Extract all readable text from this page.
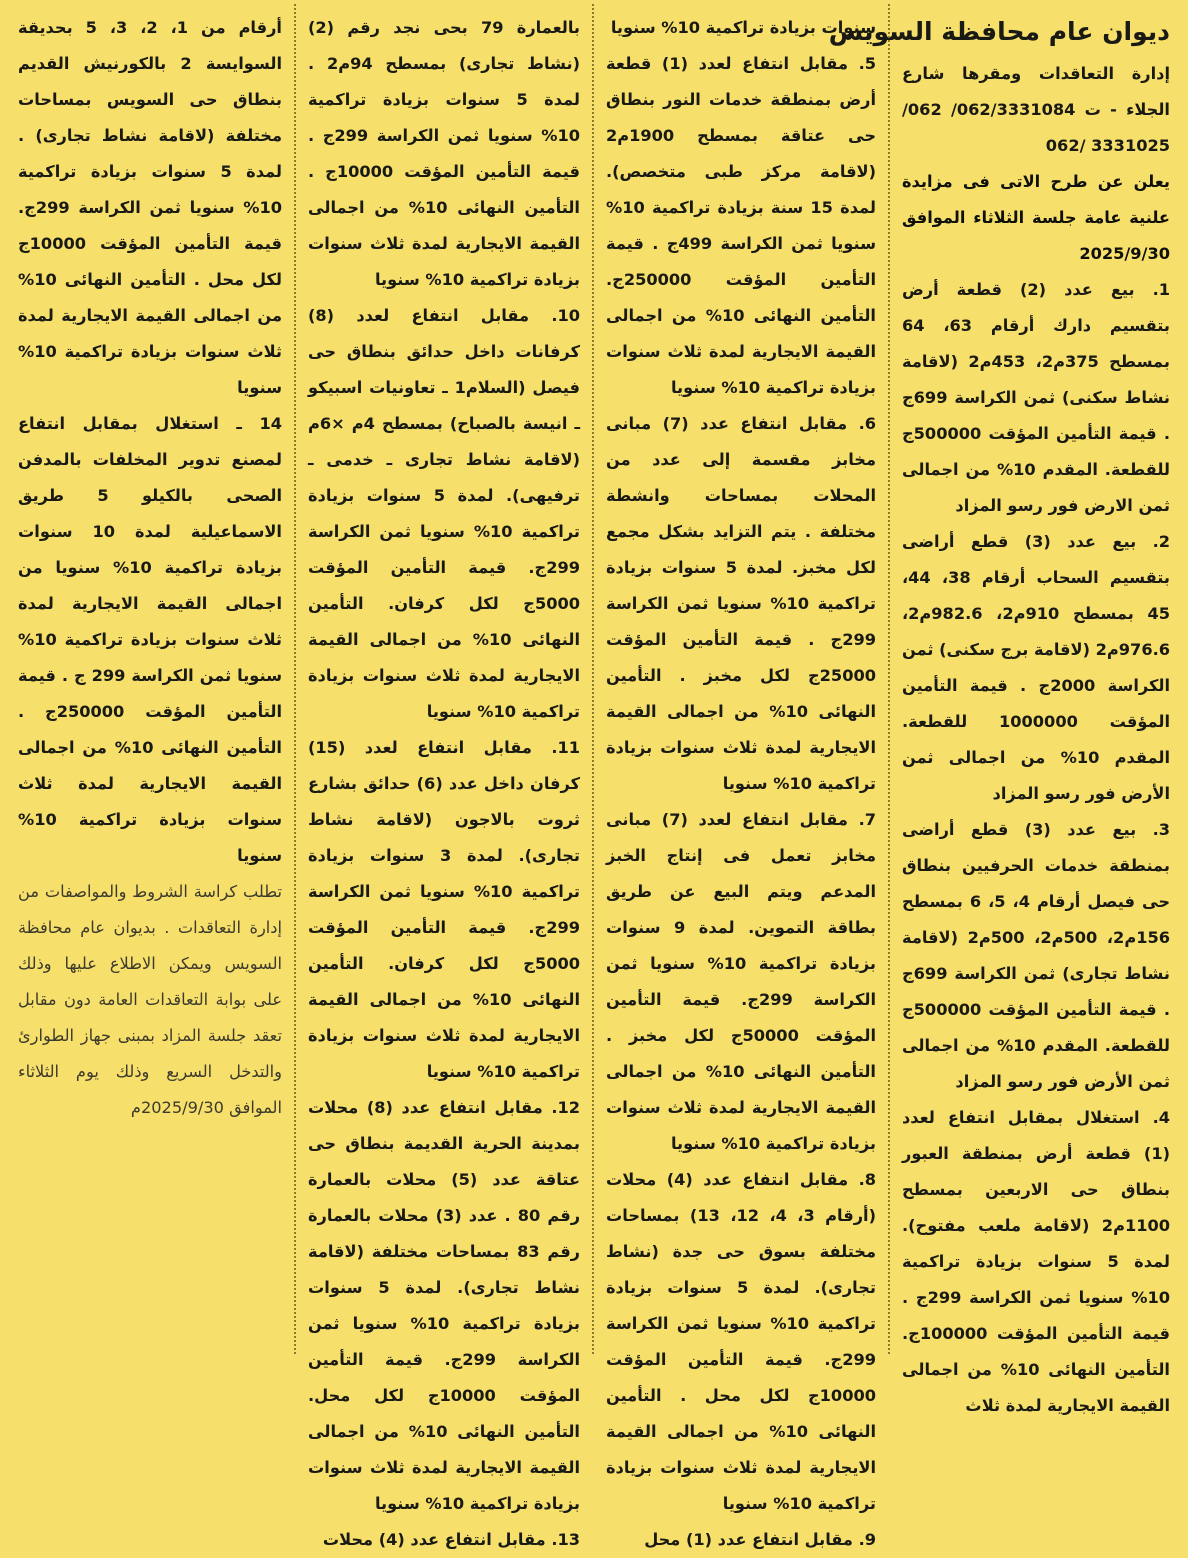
ديوان عام محافظة السويس

إدارة التعاقدات ومقرها شارع الجلاء - ت 062/3331084/ 062/ 3331025 /062

يعلن عن طرح الاتى فى مزايدة علنية عامة جلسة الثلاثاء الموافق 2025/9/30

1. بيع عدد (2) قطعة أرض بتقسيم دارك أرقام 63، 64 بمسطح 375م2، 453م2 (لاقامة نشاط سكنى) ثمن الكراسة 699ج . قيمة التأمين المؤقت 500000ج للقطعة. المقدم 10% من اجمالى ثمن الارض فور رسو المزاد

2. بيع عدد (3) قطع أراضى بتقسيم السحاب أرقام 38، 44، 45 بمسطح 910م2، 982.6م2، 976.6م2 (لاقامة برج سكنى) ثمن الكراسة 2000ج . قيمة التأمين المؤقت 1000000 للقطعة. المقدم 10% من اجمالى ثمن الأرض فور رسو المزاد

3. بيع عدد (3) قطع أراضى بمنطقة خدمات الحرفيين بنطاق حى فيصل أرقام 4، 5، 6 بمسطح 156م2، 500م2، 500م2 (لاقامة نشاط تجارى) ثمن الكراسة 699ج . قيمة التأمين المؤقت 500000ج للقطعة. المقدم 10% من اجمالى ثمن الأرض فور رسو المزاد

4. استغلال بمقابل انتفاع لعدد (1) قطعة أرض بمنطقة العبور بنطاق حى الاربعين بمسطح 1100م2 (لاقامة ملعب مفتوح). لمدة 5 سنوات بزيادة تراكمية 10% سنويا ثمن الكراسة 299ج . قيمة التأمين المؤقت 100000ج. التأمين النهائى 10% من اجمالى القيمة الايجارية لمدة ثلاث

سنوات بزيادة تراكمية 10% سنويا

5. مقابل انتفاع لعدد (1) قطعة أرض بمنطقة خدمات النور بنطاق حى عتاقة بمسطح 1900م2 (لاقامة مركز طبى متخصص). لمدة 15 سنة بزيادة تراكمية 10% سنويا ثمن الكراسة 499ج . قيمة التأمين المؤقت 250000ج. التأمين النهائى 10% من اجمالى القيمة الايجارية لمدة ثلاث سنوات بزيادة تراكمية 10% سنويا

6. مقابل انتفاع عدد (7) مبانى مخابز مقسمة إلى عدد من المحلات بمساحات وانشطة مختلفة . يتم التزايد بشكل مجمع لكل مخبز. لمدة 5 سنوات بزيادة تراكمية 10% سنويا ثمن الكراسة 299ج . قيمة التأمين المؤقت 25000ج لكل مخبز . التأمين النهائى 10% من اجمالى القيمة الايجارية لمدة ثلاث سنوات بزيادة تراكمية 10% سنويا

7. مقابل انتفاع لعدد (7) مبانى مخابز تعمل فى إنتاج الخبز المدعم ويتم البيع عن طريق بطاقة التموين. لمدة 9 سنوات بزيادة تراكمية 10% سنويا ثمن الكراسة 299ج. قيمة التأمين المؤقت 50000ج لكل مخبز . التأمين النهائى 10% من اجمالى القيمة الايجارية لمدة ثلاث سنوات بزيادة تراكمية 10% سنويا

8. مقابل انتفاع عدد (4) محلات (أرقام 3، 4، 12، 13) بمساحات مختلفة بسوق حى جدة (نشاط تجارى). لمدة 5 سنوات بزيادة تراكمية 10% سنويا ثمن الكراسة 299ج. قيمة التأمين المؤقت 10000ج لكل محل . التأمين النهائى 10% من اجمالى القيمة الايجارية لمدة ثلاث سنوات بزيادة تراكمية 10% سنويا

9. مقابل انتفاع عدد (1) محل

بالعمارة 79 بحى نجد رقم (2) (نشاط تجارى) بمسطح 94م2 . لمدة 5 سنوات بزيادة تراكمية 10% سنويا ثمن الكراسة 299ج . قيمة التأمين المؤقت 10000ج . التأمين النهائى 10% من اجمالى القيمة الايجارية لمدة ثلاث سنوات بزيادة تراكمية 10% سنويا

10. مقابل انتفاع لعدد (8) كرفانات داخل حدائق بنطاق حى فيصل (السلام1 ـ تعاونيات اسبيكو ـ انيسة بالصباح) بمسطح 4م ×6م (لاقامة نشاط تجارى ـ خدمى ـ ترفيهى). لمدة 5 سنوات بزيادة تراكمية 10% سنويا ثمن الكراسة 299ج. قيمة التأمين المؤقت 5000ج لكل كرفان. التأمين النهائى 10% من اجمالى القيمة الايجارية لمدة ثلاث سنوات بزيادة تراكمية 10% سنويا

11. مقابل انتفاع لعدد (15) كرفان داخل عدد (6) حدائق بشارع ثروت بالاجون (لاقامة نشاط تجارى). لمدة 3 سنوات بزيادة تراكمية 10% سنويا ثمن الكراسة 299ج. قيمة التأمين المؤقت 5000ج لكل كرفان. التأمين النهائى 10% من اجمالى القيمة الايجارية لمدة ثلاث سنوات بزيادة تراكمية 10% سنويا

12. مقابل انتفاع عدد (8) محلات بمدينة الحرية القديمة بنطاق حى عتاقة عدد (5) محلات بالعمارة رقم 80 . عدد (3) محلات بالعمارة رقم 83 بمساحات مختلفة (لاقامة نشاط تجارى). لمدة 5 سنوات بزيادة تراكمية 10% سنويا ثمن الكراسة 299ج. قيمة التأمين المؤقت 10000ج لكل محل. التأمين النهائى 10% من اجمالى القيمة الايجارية لمدة ثلاث سنوات بزيادة تراكمية 10% سنويا

13. مقابل انتفاع عدد (4) محلات

أرقام من 1، 2، 3، 5 بحديقة السوايسة 2 بالكورنيش القديم بنطاق حى السويس بمساحات مختلفة (لاقامة نشاط تجارى) . لمدة 5 سنوات بزيادة تراكمية 10% سنويا ثمن الكراسة 299ج. قيمة التأمين المؤقت 10000ج لكل محل . التأمين النهائى 10% من اجمالى القيمة الايجارية لمدة ثلاث سنوات بزيادة تراكمية 10% سنويا

14 ـ استغلال بمقابل انتفاع لمصنع تدوير المخلفات بالمدفن الصحى بالكيلو 5 طريق الاسماعيلية لمدة 10 سنوات بزيادة تراكمية 10% سنويا من اجمالى القيمة الايجارية لمدة ثلاث سنوات بزيادة تراكمية 10% سنويا ثمن الكراسة 299 ج . قيمة التأمين المؤقت 250000ج . التأمين النهائى 10% من اجمالى القيمة الايجارية لمدة ثلاث سنوات بزيادة تراكمية 10% سنويا

تطلب كراسة الشروط والمواصفات من إدارة التعاقدات . بديوان عام محافظة السويس ويمكن الاطلاع عليها وذلك على بوابة التعاقدات العامة دون مقابل تعقد جلسة المزاد بمبنى جهاز الطوارئ والتدخل السريع وذلك يوم الثلاثاء الموافق 2025/9/30م
